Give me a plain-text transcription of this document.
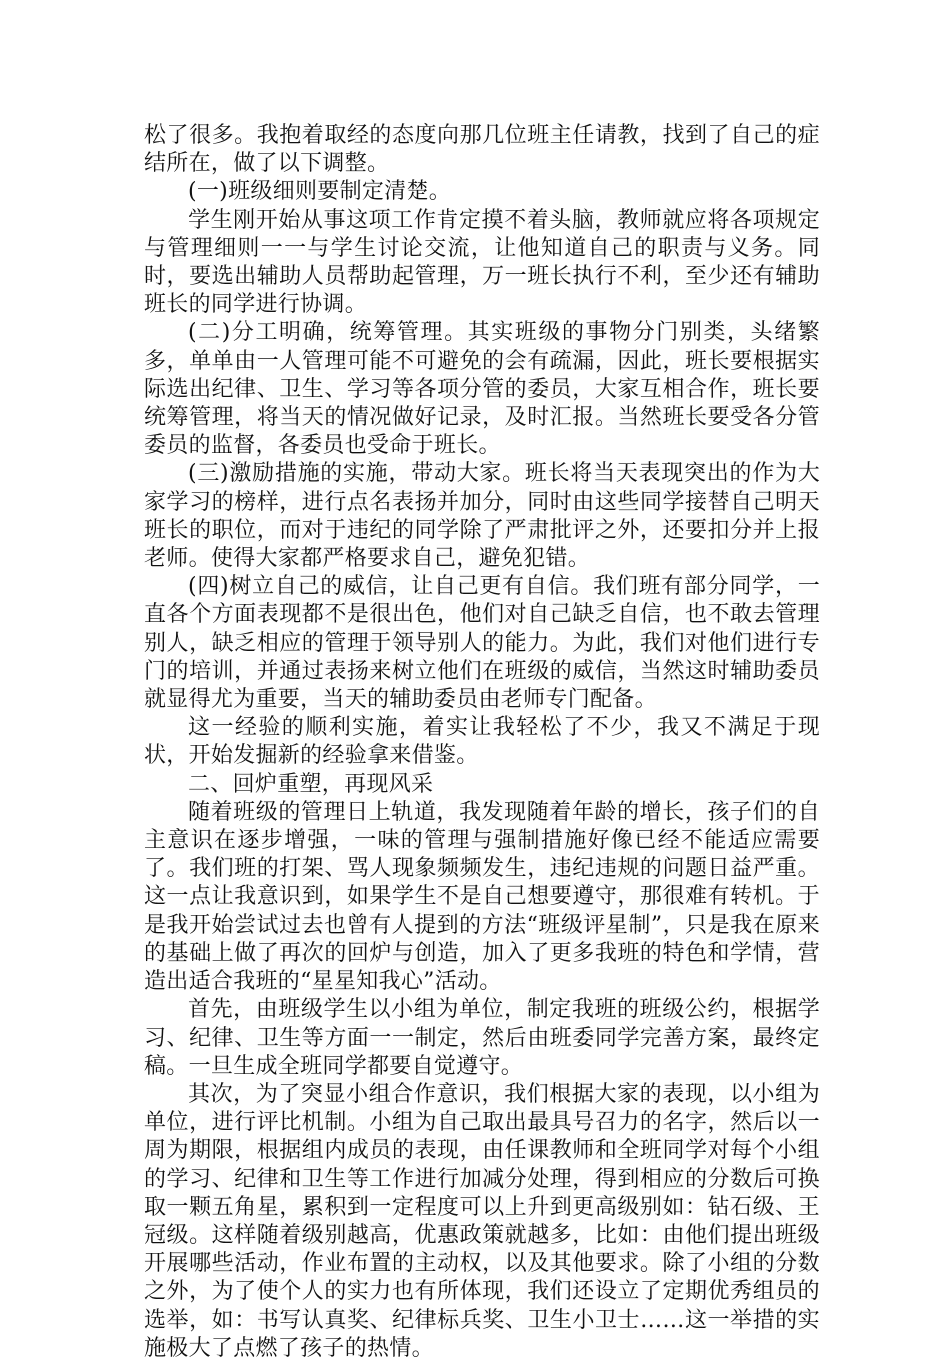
松了很多。我抱着取经的态度向那几位班主任请教，找到了自己的症结所在，做了以下调整。

(一)班级细则要制定清楚。

学生刚开始从事这项工作肯定摸不着头脑，教师就应将各项规定与管理细则一一与学生讨论交流，让他知道自己的职责与义务。同时，要选出辅助人员帮助起管理，万一班长执行不利，至少还有辅助班长的同学进行协调。

(二)分工明确，统筹管理。其实班级的事物分门别类，头绪繁多，单单由一人管理可能不可避免的会有疏漏，因此，班长要根据实际选出纪律、卫生、学习等各项分管的委员，大家互相合作，班长要统筹管理，将当天的情况做好记录，及时汇报。当然班长要受各分管委员的监督，各委员也受命于班长。

(三)激励措施的实施，带动大家。班长将当天表现突出的作为大家学习的榜样，进行点名表扬并加分，同时由这些同学接替自己明天班长的职位，而对于违纪的同学除了严肃批评之外，还要扣分并上报老师。使得大家都严格要求自己，避免犯错。

(四)树立自己的威信，让自己更有自信。我们班有部分同学，一直各个方面表现都不是很出色，他们对自己缺乏自信，也不敢去管理别人，缺乏相应的管理于领导别人的能力。为此，我们对他们进行专门的培训，并通过表扬来树立他们在班级的威信，当然这时辅助委员就显得尤为重要，当天的辅助委员由老师专门配备。

这一经验的顺利实施，着实让我轻松了不少，我又不满足于现状，开始发掘新的经验拿来借鉴。

二、回炉重塑，再现风采

随着班级的管理日上轨道，我发现随着年龄的增长，孩子们的自主意识在逐步增强，一味的管理与强制措施好像已经不能适应需要了。我们班的打架、骂人现象频频发生，违纪违规的问题日益严重。这一点让我意识到，如果学生不是自己想要遵守，那很难有转机。于是我开始尝试过去也曾有人提到的方法“班级评星制”，只是我在原来的基础上做了再次的回炉与创造，加入了更多我班的特色和学情，营造出适合我班的“星星知我心”活动。

首先，由班级学生以小组为单位，制定我班的班级公约，根据学习、纪律、卫生等方面一一制定，然后由班委同学完善方案，最终定稿。一旦生成全班同学都要自觉遵守。

其次，为了突显小组合作意识，我们根据大家的表现，以小组为单位，进行评比机制。小组为自己取出最具号召力的名字，然后以一周为期限，根据组内成员的表现，由任课教师和全班同学对每个小组的学习、纪律和卫生等工作进行加减分处理，得到相应的分数后可换取一颗五角星，累积到一定程度可以上升到更高级别如：钻石级、王冠级。这样随着级别越高，优惠政策就越多，比如：由他们提出班级开展哪些活动，作业布置的主动权，以及其他要求。除了小组的分数之外，为了使个人的实力也有所体现，我们还设立了定期优秀组员的选举，如：书写认真奖、纪律标兵奖、卫生小卫士……这一举措的实施极大了点燃了孩子的热情。
